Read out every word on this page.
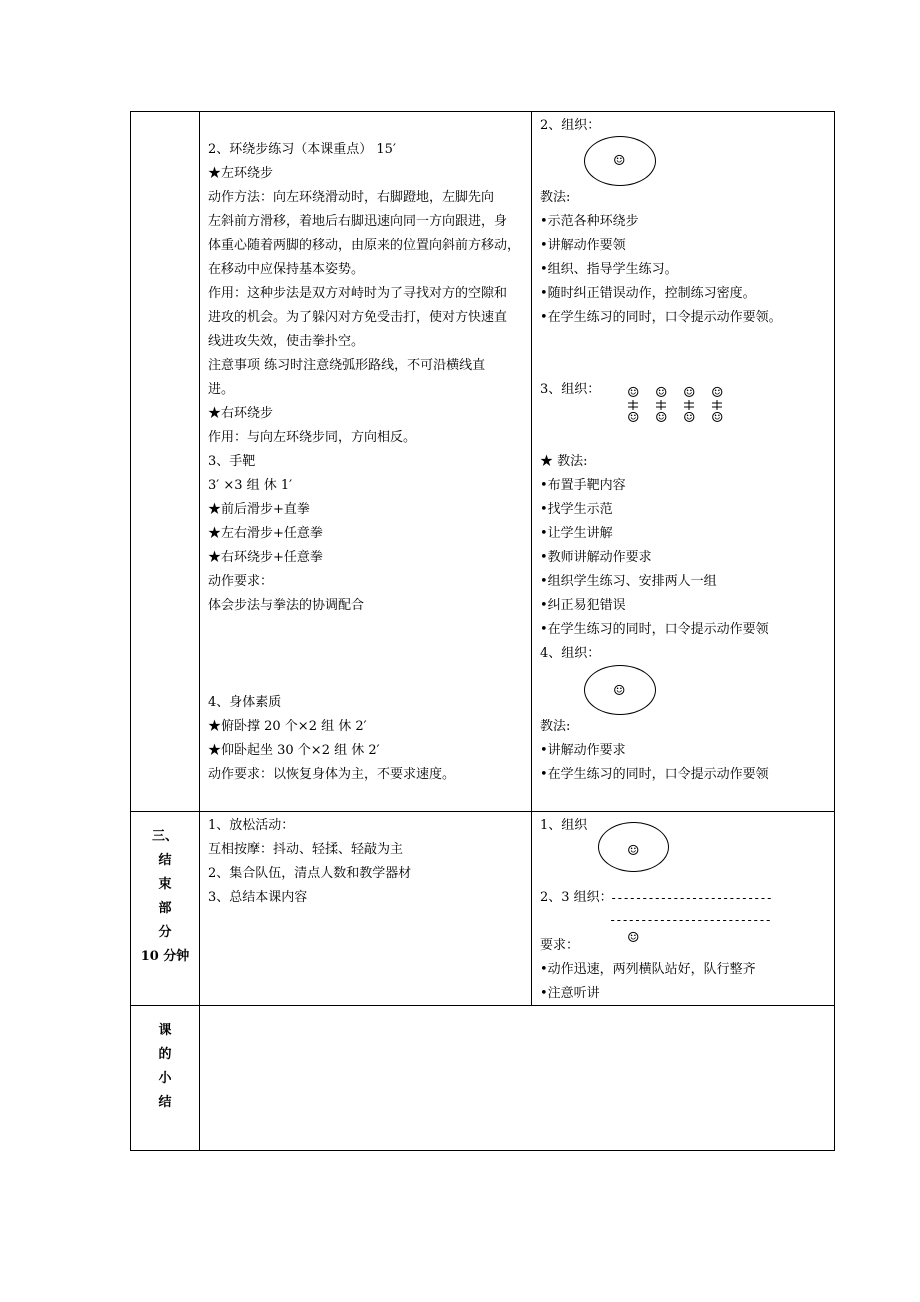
2、环绕步练习（本课重点） 15′
★左环绕步
动作方法：向左环绕滑动时，右脚蹬地，左脚先向
左斜前方滑移，着地后右脚迅速向同一方向跟进，身
体重心随着两脚的移动，由原来的位置向斜前方移动，
在移动中应保持基本姿势。
作用：这种步法是双方对峙时为了寻找对方的空隙和
进攻的机会。为了躲闪对方免受击打，使对方快速直
线进攻失效，使击拳扑空。
注意事项 练习时注意绕弧形路线，不可沿横线直
进。
★右环绕步
作用：与向左环绕步同，方向相反。
3、手靶
3′ ×3 组 休 1′
★前后滑步+直拳
★左右滑步+任意拳
★右环绕步+任意拳
动作要求：
体会步法与拳法的协调配合
4、身体素质
★俯卧撑 20 个×2 组 休 2′
★仰卧起坐 30 个×2 组 休 2′
动作要求：以恢复身体为主，不要求速度。
2、组织：
☺
教法:
•示范各种环绕步
•讲解动作要领
•组织、指导学生练习。
•随时纠正错误动作，控制练习密度。
•在学生练习的同时，口令提示动作要领。
3、组织： ☺ ☺ ☺ ☺
☺ ☺ ☺ ☺
★ 教法:
•布置手靶内容
•找学生示范
•让学生讲解
•教师讲解动作要求
•组织学生练习、安排两人一组
•纠正易犯错误
•在学生练习的同时，口令提示动作要领
4、组织：
☺
教法:
•讲解动作要求
•在学生练习的同时，口令提示动作要领
三、
结
束
部
分
10 分钟
1、放松活动：
互相按摩：抖动、轻揉、轻敲为主
2、集合队伍，清点人数和教学器材
3、总结本课内容
1、组织
☺
2、3 组织：
--------------------------
--------------------------
☺
要求：
•动作迅速，两列横队站好，队行整齐
•注意听讲
课
的
小
结
